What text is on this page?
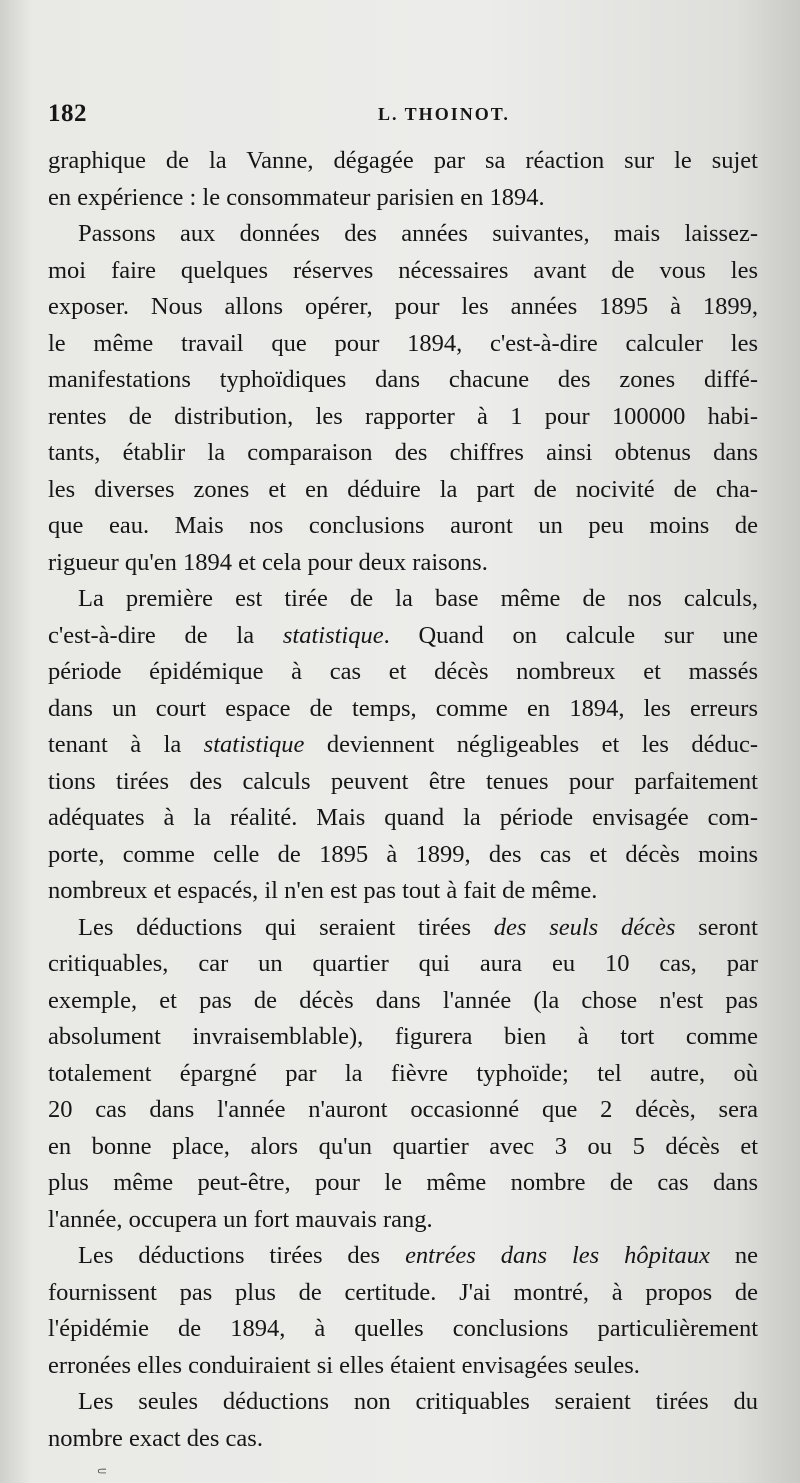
182	L. THOINOT.
graphique de la Vanne, dégagée par sa réaction sur le sujet
en expérience : le consommateur parisien en 1894.
Passons aux données des années suivantes, mais laissez-
moi faire quelques réserves nécessaires avant de vous les
exposer. Nous allons opérer, pour les années 1895 à 1899,
le même travail que pour 1894, c'est-à-dire calculer les
manifestations typhoïdiques dans chacune des zones diffé-
rentes de distribution, les rapporter à 1 pour 100000 habi-
tants, établir la comparaison des chiffres ainsi obtenus dans
les diverses zones et en déduire la part de nocivité de cha-
que eau. Mais nos conclusions auront un peu moins de
rigueur qu'en 1894 et cela pour deux raisons.
La première est tirée de la base même de nos calculs,
c'est-à-dire de la statistique. Quand on calcule sur une
période épidémique à cas et décès nombreux et massés
dans un court espace de temps, comme en 1894, les erreurs
tenant à la statistique deviennent négligeables et les déduc-
tions tirées des calculs peuvent être tenues pour parfaitement
adéquates à la réalité. Mais quand la période envisagée com-
porte, comme celle de 1895 à 1899, des cas et décès moins
nombreux et espacés, il n'en est pas tout à fait de même.
Les déductions qui seraient tirées des seuls décès seront
critiquables, car un quartier qui aura eu 10 cas, par
exemple, et pas de décès dans l'année (la chose n'est pas
absolument invraisemblable), figurera bien à tort comme
totalement épargné par la fièvre typhoïde; tel autre, où
20 cas dans l'année n'auront occasionné que 2 décès, sera
en bonne place, alors qu'un quartier avec 3 ou 5 décès et
plus même peut-être, pour le même nombre de cas dans
l'année, occupera un fort mauvais rang.
Les déductions tirées des entrées dans les hôpitaux ne
fournissent pas plus de certitude. J'ai montré, à propos de
l'épidémie de 1894, à quelles conclusions particulièrement
erronées elles conduiraient si elles étaient envisagées seules.
Les seules déductions non critiquables seraient tirées du
nombre exact des cas.
⸦
